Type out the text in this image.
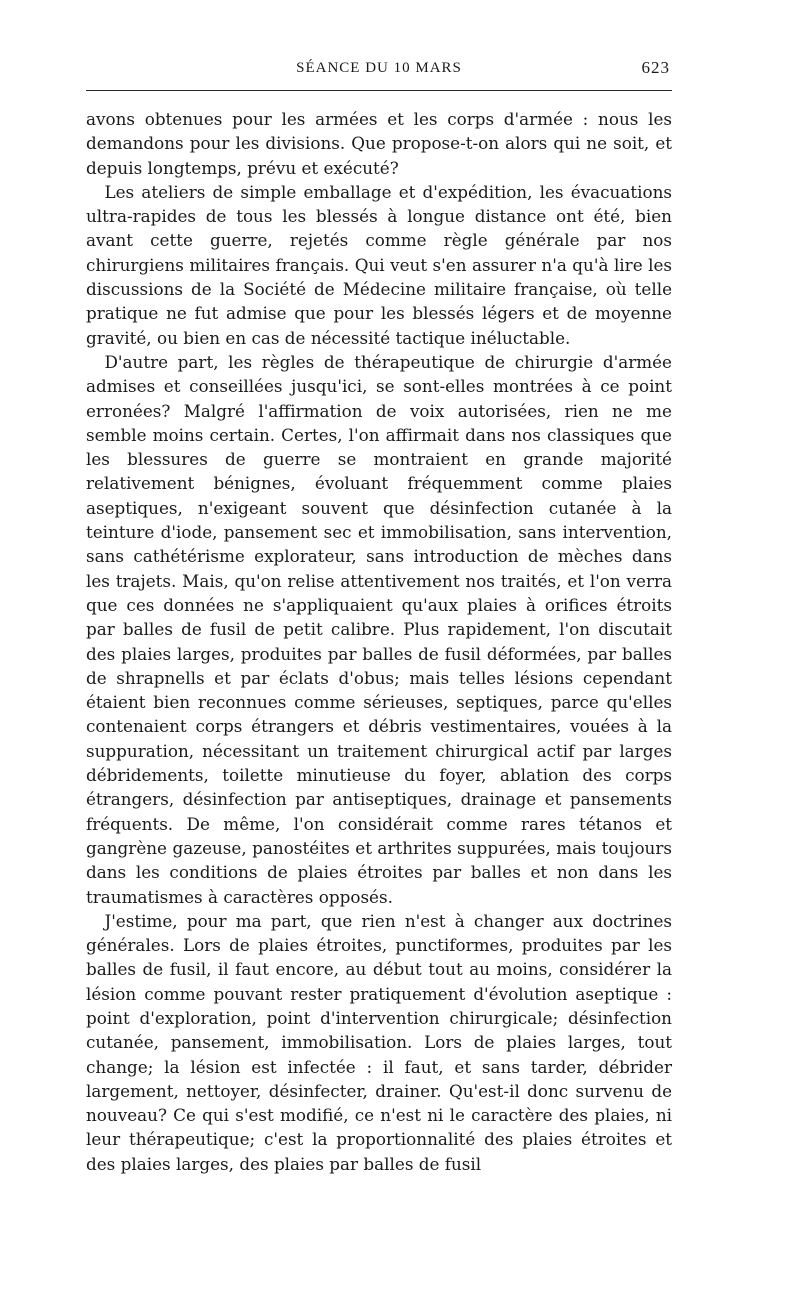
SÉANCE DU 10 MARS	623

avons obtenues pour les armées et les corps d'armée : nous les demandons pour les divisions. Que propose-t-on alors qui ne soit, et depuis longtemps, prévu et exécuté?

Les ateliers de simple emballage et d'expédition, les évacuations ultra-rapides de tous les blessés à longue distance ont été, bien avant cette guerre, rejetés comme règle générale par nos chirurgiens militaires français. Qui veut s'en assurer n'a qu'à lire les discussions de la Société de Médecine militaire française, où telle pratique ne fut admise que pour les blessés légers et de moyenne gravité, ou bien en cas de nécessité tactique inéluctable.

D'autre part, les règles de thérapeutique de chirurgie d'armée admises et conseillées jusqu'ici, se sont-elles montrées à ce point erronées? Malgré l'affirmation de voix autorisées, rien ne me semble moins certain. Certes, l'on affirmait dans nos classiques que les blessures de guerre se montraient en grande majorité relativement bénignes, évoluant fréquemment comme plaies aseptiques, n'exigeant souvent que désinfection cutanée à la teinture d'iode, pansement sec et immobilisation, sans intervention, sans cathétérisme explorateur, sans introduction de mèches dans les trajets. Mais, qu'on relise attentivement nos traités, et l'on verra que ces données ne s'appliquaient qu'aux plaies à orifices étroits par balles de fusil de petit calibre. Plus rapidement, l'on discutait des plaies larges, produites par balles de fusil déformées, par balles de shrapnells et par éclats d'obus; mais telles lésions cependant étaient bien reconnues comme sérieuses, septiques, parce qu'elles contenaient corps étrangers et débris vestimentaires, vouées à la suppuration, nécessitant un traitement chirurgical actif par larges débridements, toilette minutieuse du foyer, ablation des corps étrangers, désinfection par antiseptiques, drainage et pansements fréquents. De même, l'on considérait comme rares tétanos et gangrène gazeuse, panostéites et arthrites suppurées, mais toujours dans les conditions de plaies étroites par balles et non dans les traumatismes à caractères opposés.

J'estime, pour ma part, que rien n'est à changer aux doctrines générales. Lors de plaies étroites, punctiformes, produites par les balles de fusil, il faut encore, au début tout au moins, considérer la lésion comme pouvant rester pratiquement d'évolution aseptique : point d'exploration, point d'intervention chirurgicale; désinfection cutanée, pansement, immobilisation. Lors de plaies larges, tout change; la lésion est infectée : il faut, et sans tarder, débrider largement, nettoyer, désinfecter, drainer. Qu'est-il donc survenu de nouveau? Ce qui s'est modifié, ce n'est ni le caractère des plaies, ni leur thérapeutique; c'est la proportionnalité des plaies étroites et des plaies larges, des plaies par balles de fusil
